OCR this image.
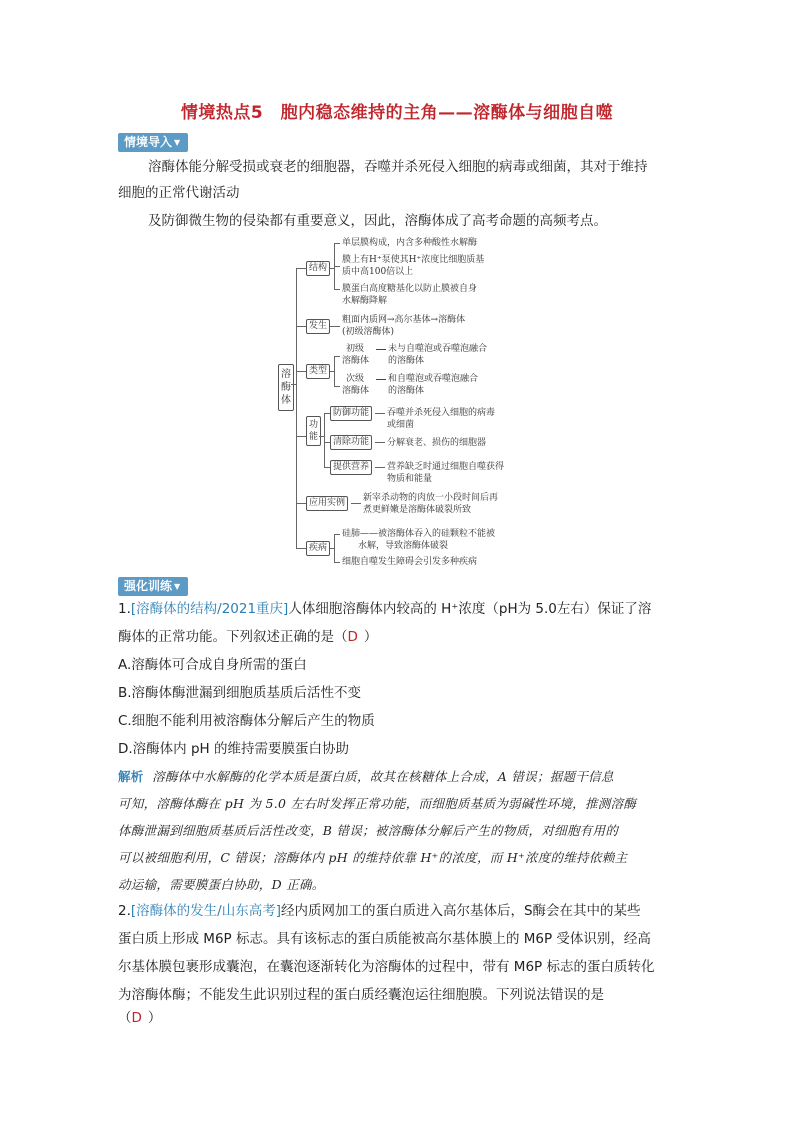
情境热点5　胞内稳态维持的主角——溶酶体与细胞自噬
情境导入 ▼
溶酶体能分解受损或衰老的细胞器，吞噬并杀死侵入细胞的病毒或细菌，其对于维持
细胞的正常代谢活动
及防御微生物的侵染都有重要意义，因此，溶酶体成了高考命题的高频考点。
溶酶体
结构
单层膜构成，内含多种酸性水解酶
膜上有H⁺泵使其H⁺浓度比细胞质基
质中高100倍以上
膜蛋白高度糖基化以防止膜被自身
水解酶降解
发生
粗面内质网→高尔基体→溶酶体
(初级溶酶体)
类型
初级
溶酶体
未与自噬泡或吞噬泡融合
的溶酶体
次级
溶酶体
和自噬泡或吞噬泡融合
的溶酶体
功能
防御功能	吞噬并杀死侵入细胞的病毒
或细菌
清除功能	分解衰老、损伤的细胞器
提供营养	营养缺乏时通过细胞自噬获得
物质和能量
应用实例	新宰杀动物的肉放一小段时间后再
煮更鲜嫩是溶酶体破裂所致
疾病
硅肺——被溶酶体吞入的硅颗粒不能被
水解，导致溶酶体破裂
细胞自噬发生障碍会引发多种疾病
强化训练 ▼
1.[溶酶体的结构/2021重庆]人体细胞溶酶体内较高的 H⁺浓度（pH为 5.0左右）保证了溶
酶体的正常功能。下列叙述正确的是（D ）
A.溶酶体可合成自身所需的蛋白
B.溶酶体酶泄漏到细胞质基质后活性不变
C.细胞不能利用被溶酶体分解后产生的物质
D.溶酶体内 pH 的维持需要膜蛋白协助
解析 溶酶体中水解酶的化学本质是蛋白质，故其在核糖体上合成，A 错误；据题干信息
可知，溶酶体酶在 pH 为 5.0 左右时发挥正常功能，而细胞质基质为弱碱性环境，推测溶酶
体酶泄漏到细胞质基质后活性改变，B 错误；被溶酶体分解后产生的物质，对细胞有用的
可以被细胞利用，C 错误；溶酶体内 pH 的维持依靠 H⁺的浓度，而 H⁺浓度的维持依赖主
动运输，需要膜蛋白协助，D 正确。
2.[溶酶体的发生/山东高考]经内质网加工的蛋白质进入高尔基体后，S酶会在其中的某些
蛋白质上形成 M6P 标志。具有该标志的蛋白质能被高尔基体膜上的 M6P 受体识别，经高
尔基体膜包裹形成囊泡，在囊泡逐渐转化为溶酶体的过程中，带有 M6P 标志的蛋白质转化
为溶酶体酶；不能发生此识别过程的蛋白质经囊泡运往细胞膜。下列说法错误的是
（D ）
